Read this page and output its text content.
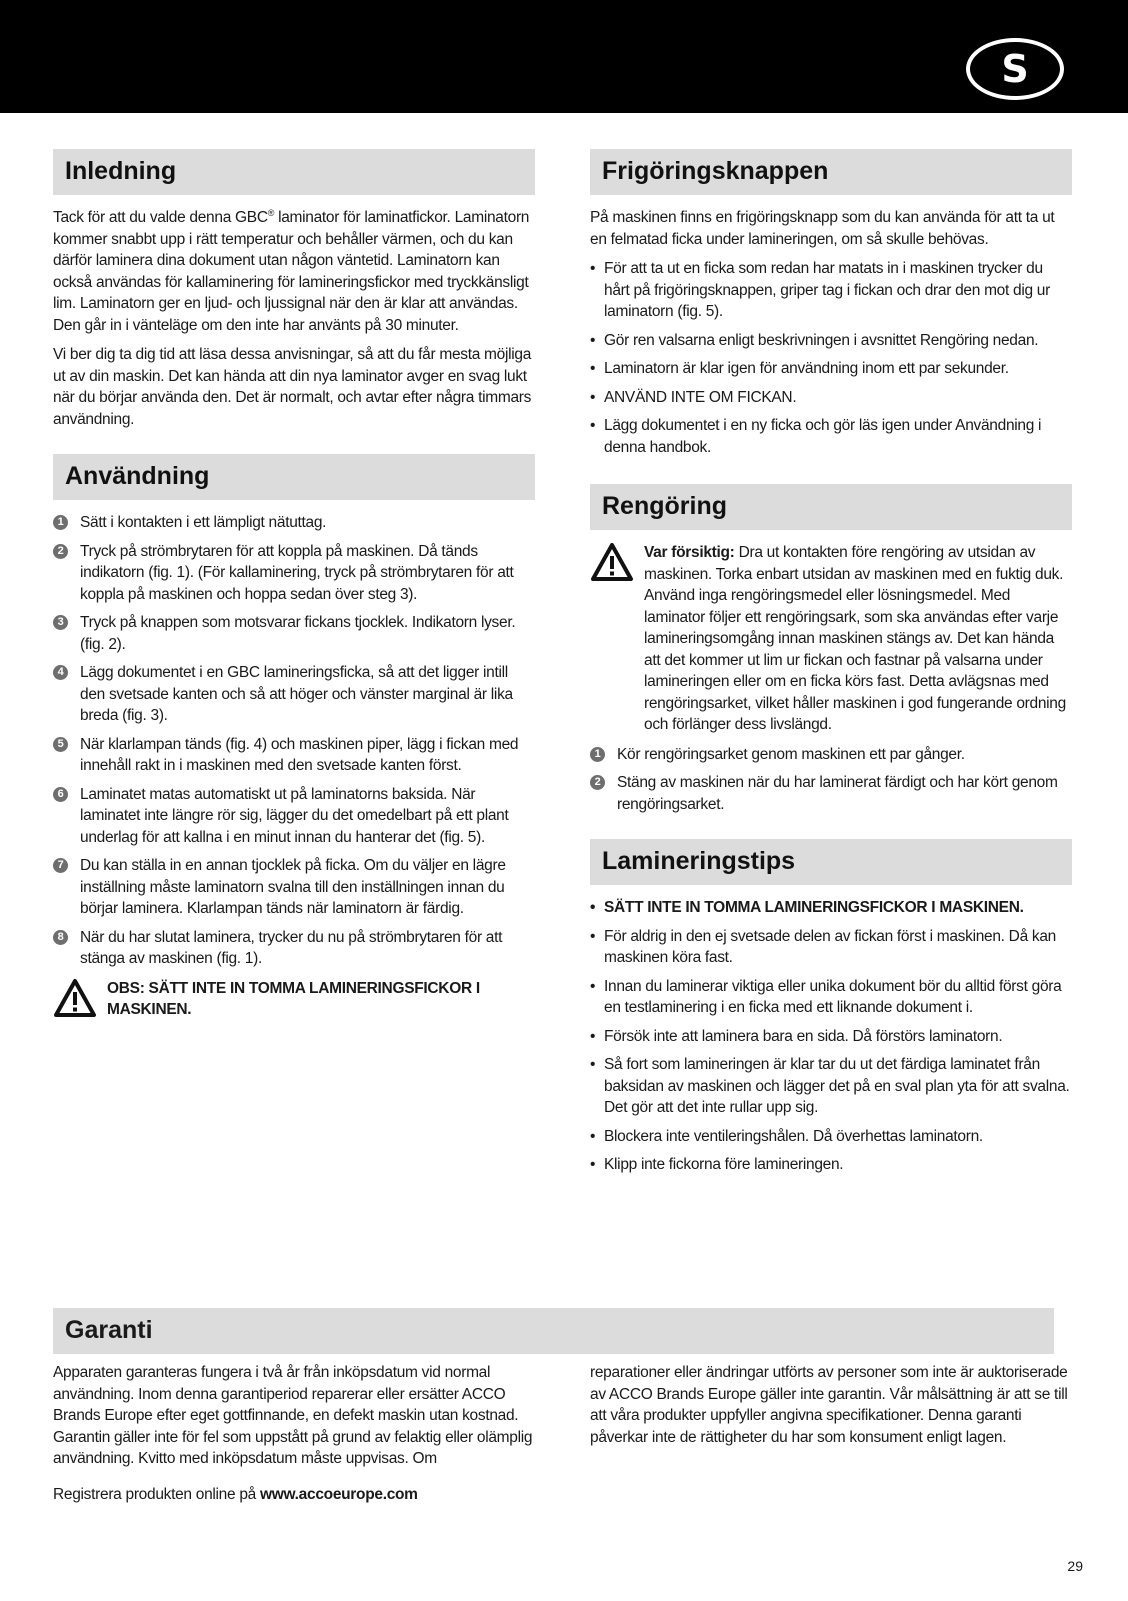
S
Inledning

Tack för att du valde denna GBC® laminator för laminatfickor. Laminatorn kommer snabbt upp i rätt temperatur och behåller värmen, och du kan därför laminera dina dokument utan någon väntetid. Laminatorn kan också användas för kallaminering för lamineringsfickor med tryckkänsligt lim. Laminatorn ger en ljud- och ljussignal när den är klar att användas. Den går in i vänteläge om den inte har använts på 30 minuter.

Vi ber dig ta dig tid att läsa dessa anvisningar, så att du får mesta möjliga ut av din maskin. Det kan hända att din nya laminator avger en svag lukt när du börjar använda den. Det är normalt, och avtar efter några timmars användning.

Användning
1 Sätt i kontakten i ett lämpligt nätuttag.
2 Tryck på strömbrytaren för att koppla på maskinen. Då tänds indikatorn (fig. 1). (För kallaminering, tryck på strömbrytaren för att koppla på maskinen och hoppa sedan över steg 3).
3 Tryck på knappen som motsvarar fickans tjocklek. Indikatorn lyser. (fig. 2).
4 Lägg dokumentet i en GBC lamineringsficka, så att det ligger intill den svetsade kanten och så att höger och vänster marginal är lika breda (fig. 3).
5 När klarlampan tänds (fig. 4) och maskinen piper, lägg i fickan med innehåll rakt in i maskinen med den svetsade kanten först.
6 Laminatet matas automatiskt ut på laminatorns baksida. När laminatet inte längre rör sig, lägger du det omedelbart på ett plant underlag för att kallna i en minut innan du hanterar det (fig. 5).
7 Du kan ställa in en annan tjocklek på ficka. Om du väljer en lägre inställning måste laminatorn svalna till den inställningen innan du börjar laminera. Klarlampan tänds när laminatorn är färdig.
8 När du har slutat laminera, trycker du nu på strömbrytaren för att stänga av maskinen (fig. 1).
OBS: SÄTT INTE IN TOMMA LAMINERINGSFICKOR I MASKINEN.
Frigöringsknappen

På maskinen finns en frigöringsknapp som du kan använda för att ta ut en felmatad ficka under lamineringen, om så skulle behövas.

• För att ta ut en ficka som redan har matats in i maskinen trycker du hårt på frigöringsknappen, griper tag i fickan och drar den mot dig ur laminatorn (fig. 5).
• Gör ren valsarna enligt beskrivningen i avsnittet Rengöring nedan.
• Laminatorn är klar igen för användning inom ett par sekunder.
• ANVÄND INTE OM FICKAN.
• Lägg dokumentet i en ny ficka och gör läs igen under Användning i denna handbok.
Rengöring
Var försiktig: Dra ut kontakten före rengöring av utsidan av maskinen. Torka enbart utsidan av maskinen med en fuktig duk. Använd inga rengöringsmedel eller lösningsmedel. Med laminator följer ett rengöringsark, som ska användas efter varje lamineringsomgång innan maskinen stängs av. Det kan hända att det kommer ut lim ur fickan och fastnar på valsarna under lamineringen eller om en ficka körs fast. Detta avlägsnas med rengöringsarket, vilket håller maskinen i god fungerande ordning och förlänger dess livslängd.
1 Kör rengöringsarket genom maskinen ett par gånger.
2 Stäng av maskinen när du har laminerat färdigt och har kört genom rengöringsarket.
Lamineringstips
• SÄTT INTE IN TOMMA LAMINERINGSFICKOR I MASKINEN.
• För aldrig in den ej svetsade delen av fickan först i maskinen. Då kan maskinen köra fast.
• Innan du laminerar viktiga eller unika dokument bör du alltid först göra en testlaminering i en ficka med ett liknande dokument i.
• Försök inte att laminera bara en sida. Då förstörs laminatorn.
• Så fort som lamineringen är klar tar du ut det färdiga laminatet från baksidan av maskinen och lägger det på en sval plan yta för att svalna. Det gör att det inte rullar upp sig.
• Blockera inte ventileringshålen. Då överhettas laminatorn.
• Klipp inte fickorna före lamineringen.
Garanti

Apparaten garanteras fungera i två år från inköpsdatum vid normal användning. Inom denna garantiperiod reparerar eller ersätter ACCO Brands Europe efter eget gottfinnande, en defekt maskin utan kostnad. Garantin gäller inte för fel som uppstått på grund av felaktig eller olämplig användning. Kvitto med inköpsdatum måste uppvisas. Om

Registrera produkten online på www.accoeurope.com

reparationer eller ändringar utförts av personer som inte är auktoriserade av ACCO Brands Europe gäller inte garantin. Vår målsättning är att se till att våra produkter uppfyller angivna specifikationer. Denna garanti påverkar inte de rättigheter du har som konsument enligt lagen.

29
